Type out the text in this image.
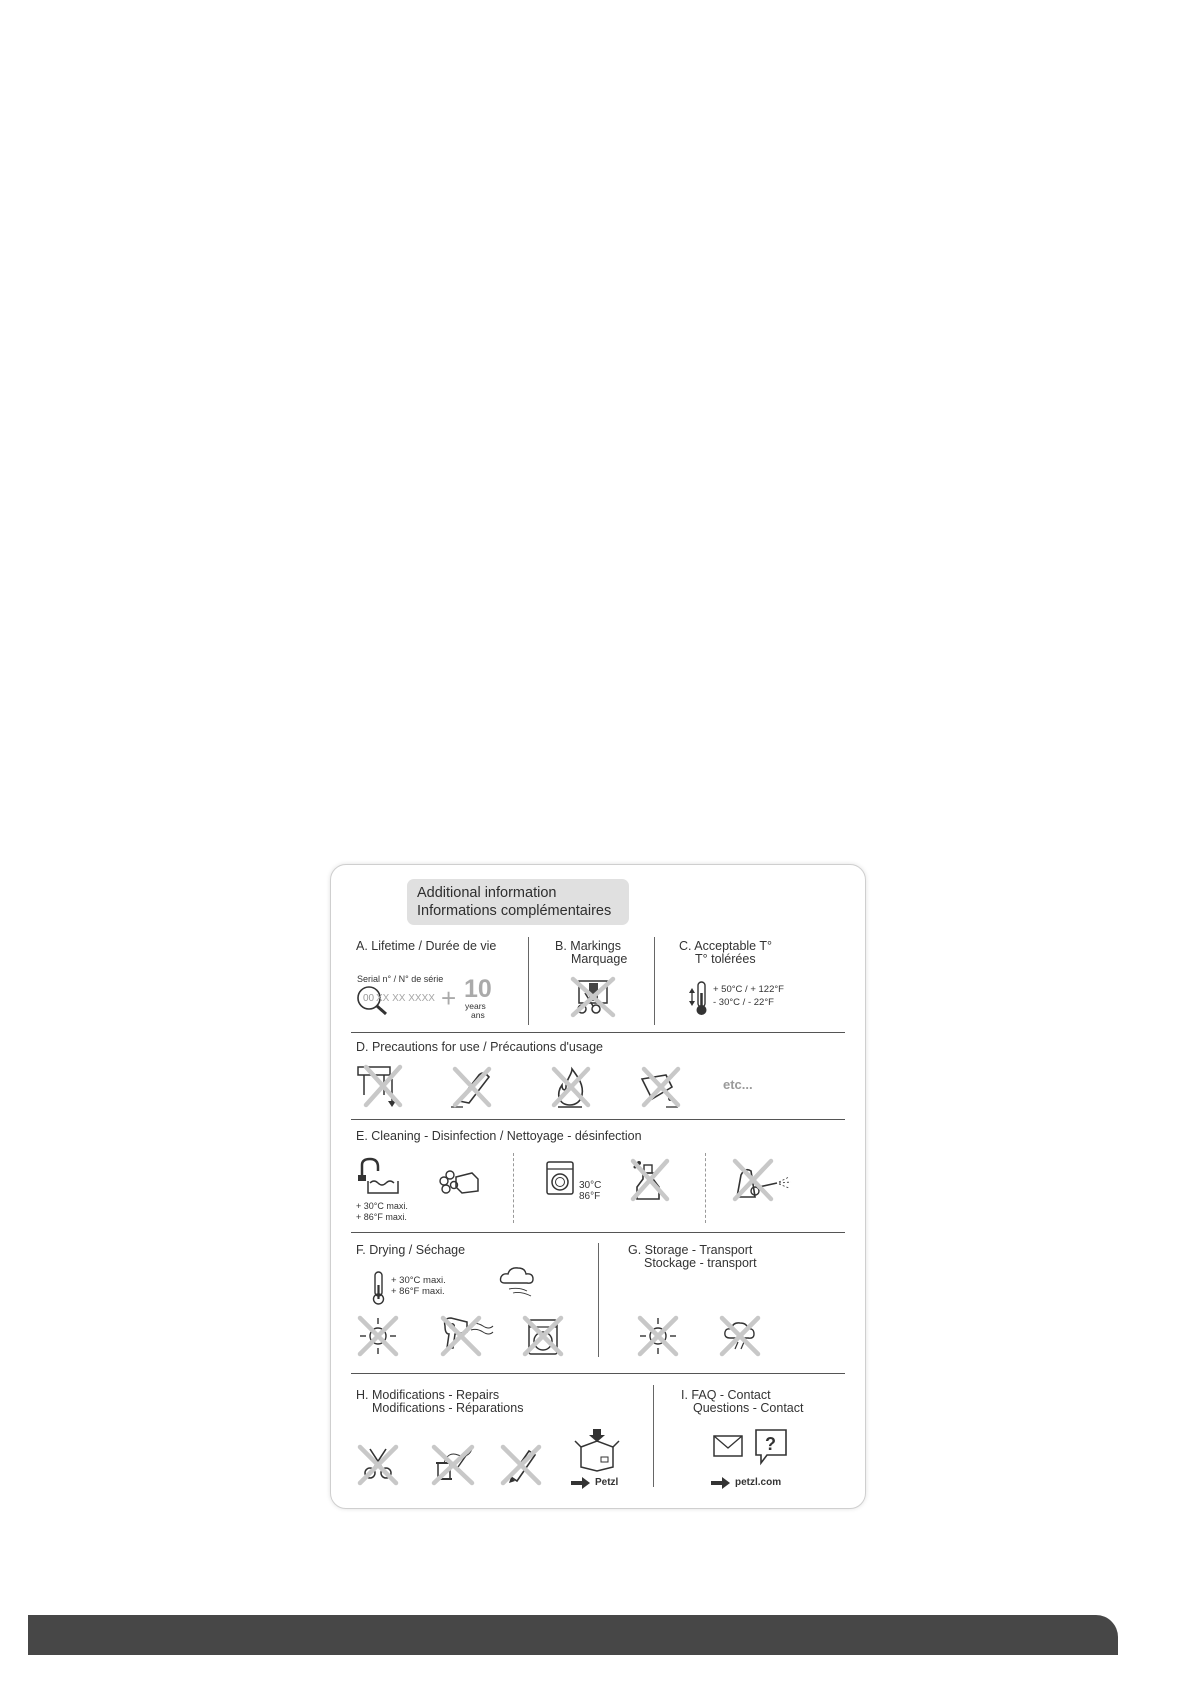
Additional information
Informations complémentaires
A. Lifetime / Durée de vie
Serial n° / N° de série
00 XX XX XXXX + 10
years
ans
B. Markings
Marquage
C. Acceptable T°
T° tolérées
+ 50°C / + 122°F
- 30°C / - 22°F
D. Precautions for use / Précautions d'usage
etc...
E. Cleaning - Disinfection / Nettoyage - désinfection
+ 30°C maxi.
+ 86°F maxi.
30°C
86°F
F. Drying / Séchage
+ 30°C maxi.
+ 86°F maxi.
G. Storage - Transport
Stockage - transport
H. Modifications - Repairs
Modifications - Réparations
Petzl
I. FAQ - Contact
Questions - Contact
?
petzl.com
